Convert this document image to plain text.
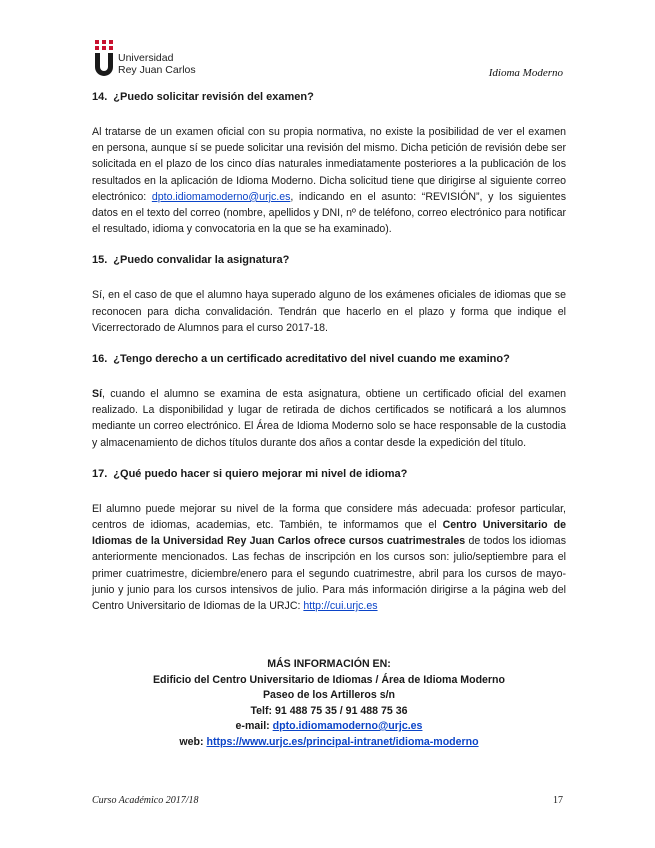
Universidad
Rey Juan Carlos	Idioma Moderno
14. ¿Puedo solicitar revisión del examen?

Al tratarse de un examen oficial con su propia normativa, no existe la posibilidad de ver el examen en persona, aunque sí se puede solicitar una revisión del mismo. Dicha petición de revisión debe ser solicitada en el plazo de los cinco días naturales inmediatamente posteriores a la publicación de los resultados en la aplicación de Idioma Moderno. Dicha solicitud tiene que dirigirse al siguiente correo electrónico: dpto.idiomamoderno@urjc.es, indicando en el asunto: “REVISIÓN”, y los siguientes datos en el texto del correo (nombre, apellidos y DNI, nº de teléfono, correo electrónico para notificar el resultado, idioma y convocatoria en la que se ha examinado).

15. ¿Puedo convalidar la asignatura?

Sí, en el caso de que el alumno haya superado alguno de los exámenes oficiales de idiomas que se reconocen para dicha convalidación. Tendrán que hacerlo en el plazo y forma que indique el Vicerrectorado de Alumnos para el curso 2017-18.

16. ¿Tengo derecho a un certificado acreditativo del nivel cuando me examino?

Sí, cuando el alumno se examina de esta asignatura, obtiene un certificado oficial del examen realizado. La disponibilidad y lugar de retirada de dichos certificados se notificará a los alumnos mediante un correo electrónico. El Área de Idioma Moderno solo se hace responsable de la custodia y almacenamiento de dichos títulos durante dos años a contar desde la expedición del título.

17. ¿Qué puedo hacer si quiero mejorar mi nivel de idioma?

El alumno puede mejorar su nivel de la forma que considere más adecuada: profesor particular, centros de idiomas, academias, etc. También, te informamos que el Centro Universitario de Idiomas de la Universidad Rey Juan Carlos ofrece cursos cuatrimestrales de todos los idiomas anteriormente mencionados. Las fechas de inscripción en los cursos son: julio/septiembre para el primer cuatrimestre, diciembre/enero para el segundo cuatrimestre, abril para los cursos de mayo-junio y junio para los cursos intensivos de julio. Para más información dirigirse a la página web del Centro Universitario de Idiomas de la URJC: http://cui.urjc.es

MÁS INFORMACIÓN EN:
Edificio del Centro Universitario de Idiomas / Área de Idioma Moderno
Paseo de los Artilleros s/n
Telf: 91 488 75 35 / 91 488 75 36
e-mail: dpto.idiomamoderno@urjc.es
web: https://www.urjc.es/principal-intranet/idioma-moderno
Curso Académico 2017/18	17
